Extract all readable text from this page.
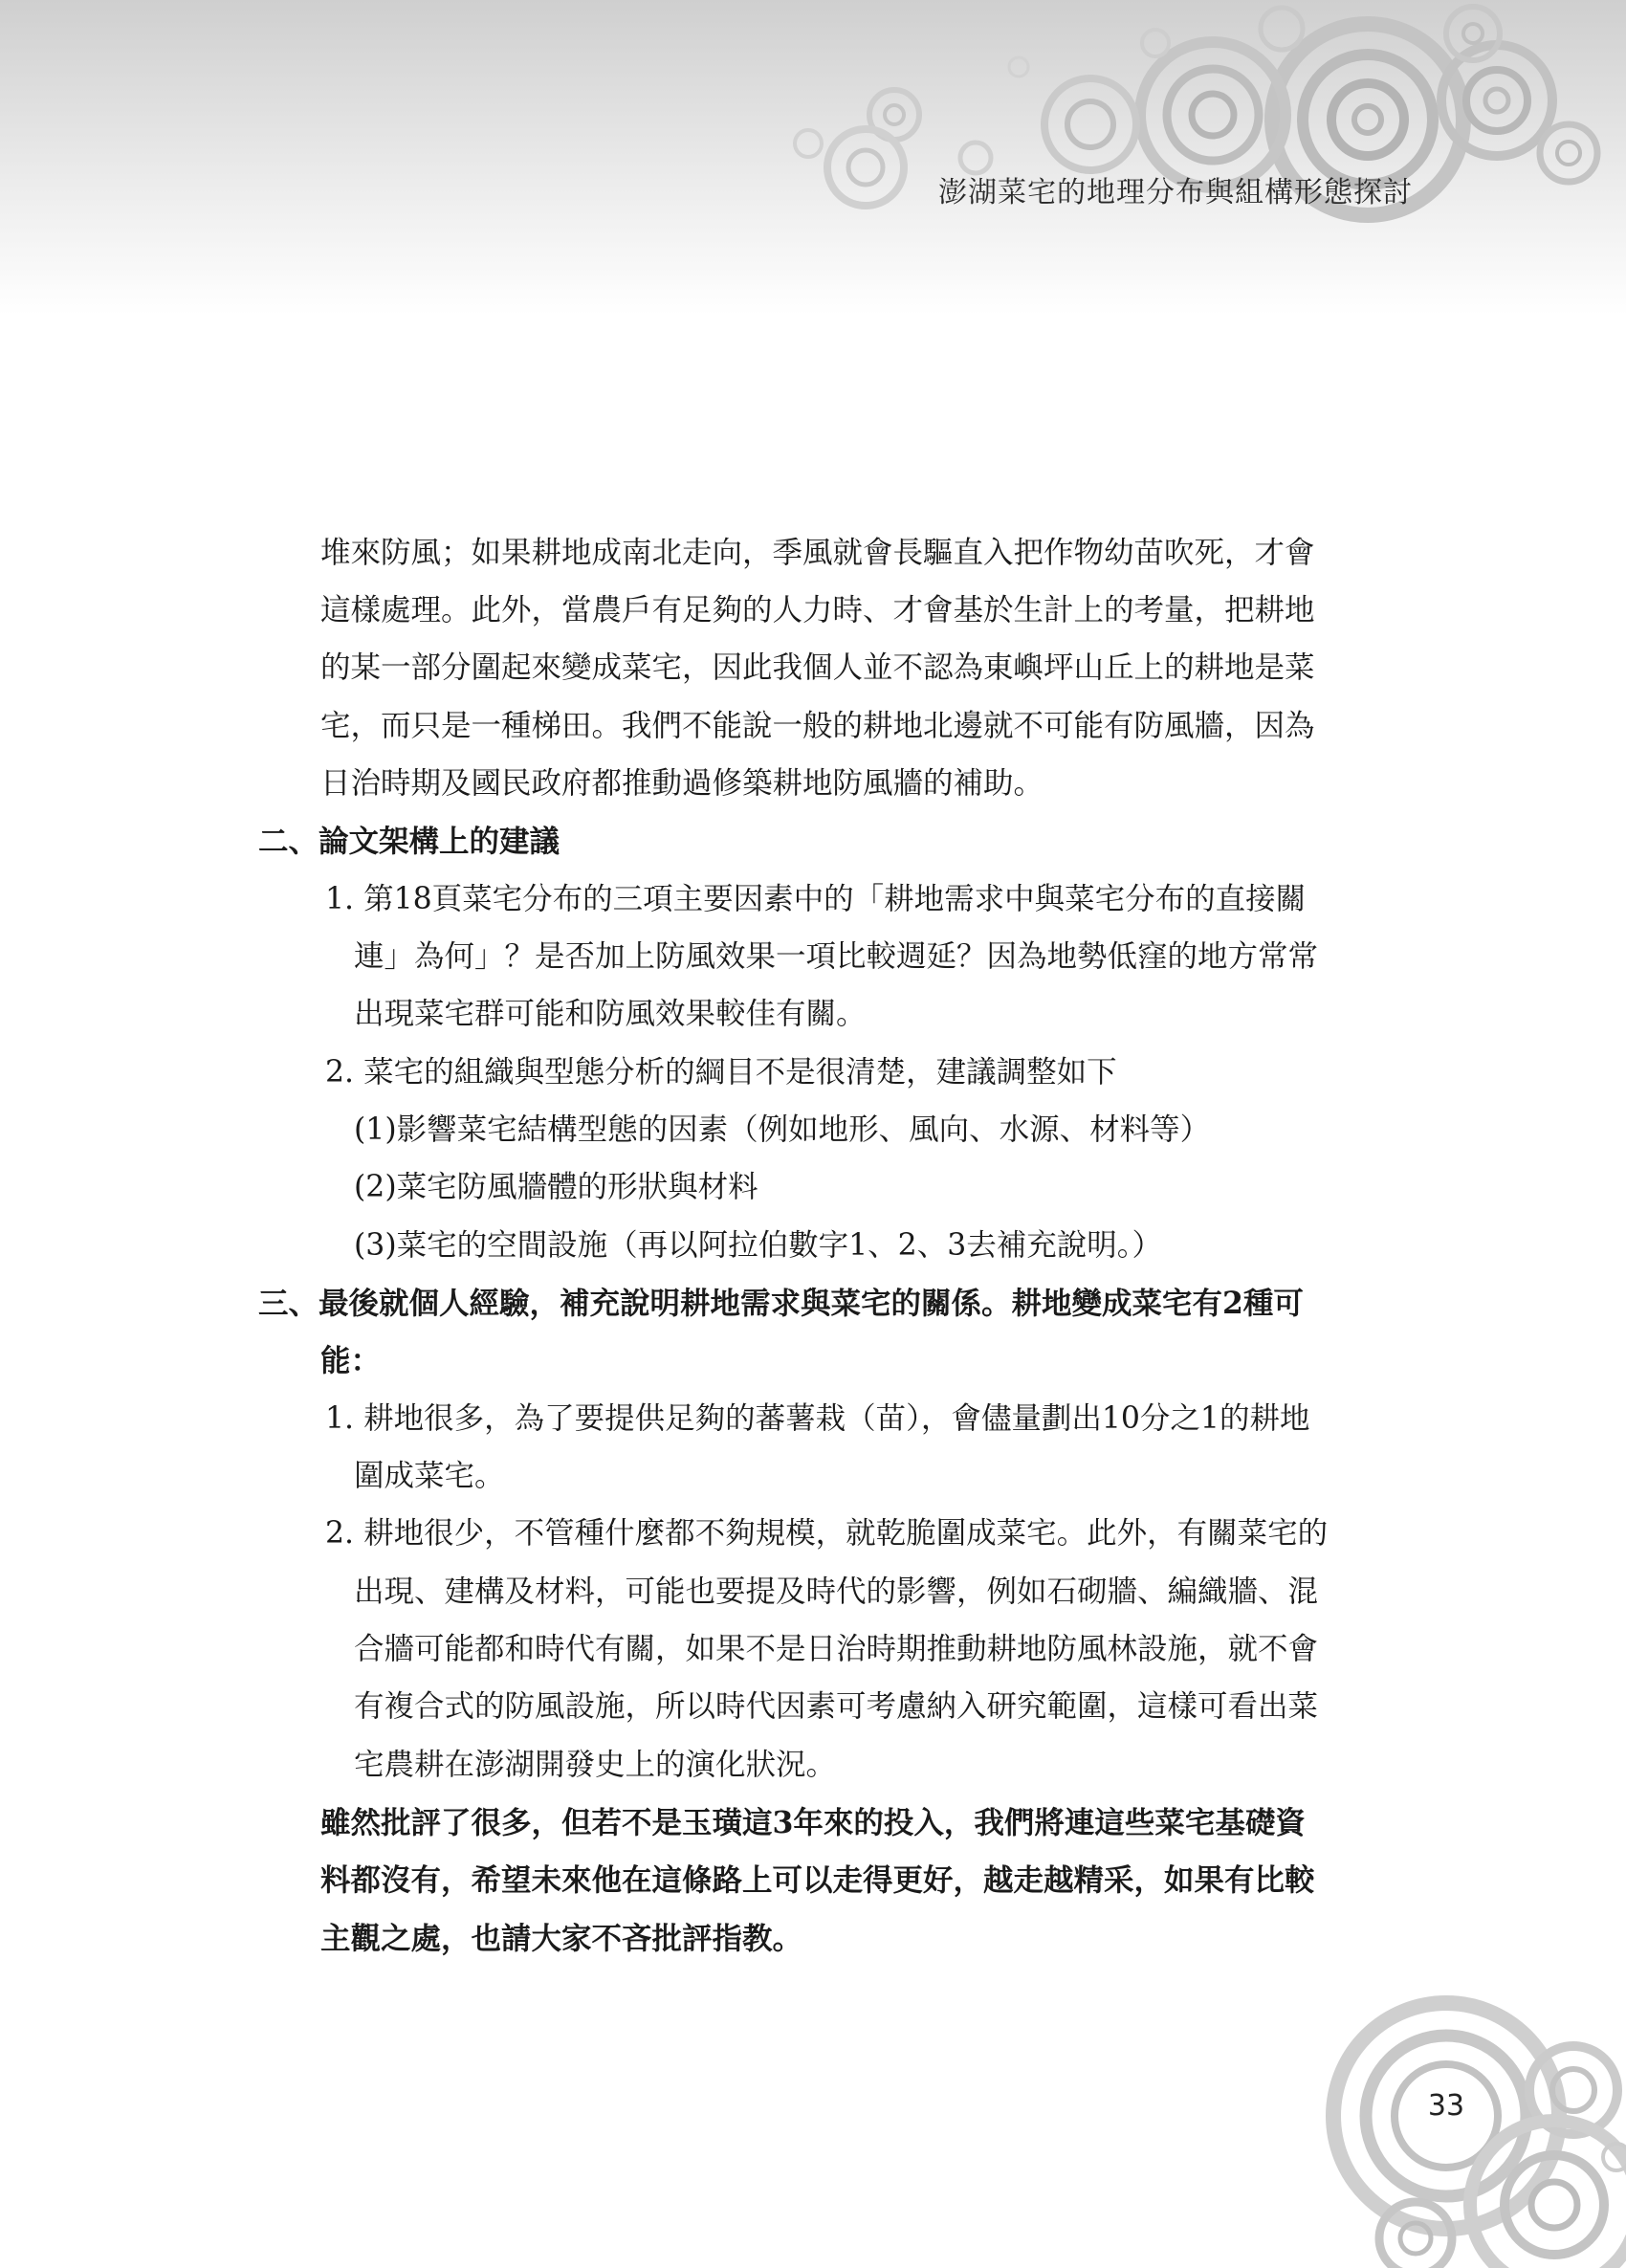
澎湖菜宅的地理分布與組構形態探討
堆來防風；如果耕地成南北走向，季風就會長驅直入把作物幼苗吹死，才會
這樣處理。此外，當農戶有足夠的人力時、才會基於生計上的考量，把耕地
的某一部分圍起來變成菜宅，因此我個人並不認為東嶼坪山丘上的耕地是菜
宅，而只是一種梯田。我們不能說一般的耕地北邊就不可能有防風牆，因為
日治時期及國民政府都推動過修築耕地防風牆的補助。
二、論文架構上的建議
1. 第18頁菜宅分布的三項主要因素中的「耕地需求中與菜宅分布的直接關
連」為何」？是否加上防風效果一項比較週延？因為地勢低窪的地方常常
出現菜宅群可能和防風效果較佳有關。
2. 菜宅的組織與型態分析的綱目不是很清楚，建議調整如下
(1)影響菜宅結構型態的因素（例如地形、風向、水源、材料等）
(2)菜宅防風牆體的形狀與材料
(3)菜宅的空間設施（再以阿拉伯數字1、2、3去補充說明。）
三、最後就個人經驗，補充說明耕地需求與菜宅的關係。耕地變成菜宅有2種可
能：
1. 耕地很多，為了要提供足夠的蕃薯栽（苗），會儘量劃出10分之1的耕地
圍成菜宅。
2. 耕地很少，不管種什麼都不夠規模，就乾脆圍成菜宅。此外，有關菜宅的
出現、建構及材料，可能也要提及時代的影響，例如石砌牆、編織牆、混
合牆可能都和時代有關，如果不是日治時期推動耕地防風林設施，就不會
有複合式的防風設施，所以時代因素可考慮納入研究範圍，這樣可看出菜
宅農耕在澎湖開發史上的演化狀況。
雖然批評了很多，但若不是玉璜這3年來的投入，我們將連這些菜宅基礎資
料都沒有，希望未來他在這條路上可以走得更好，越走越精采，如果有比較
主觀之處，也請大家不吝批評指教。
33
